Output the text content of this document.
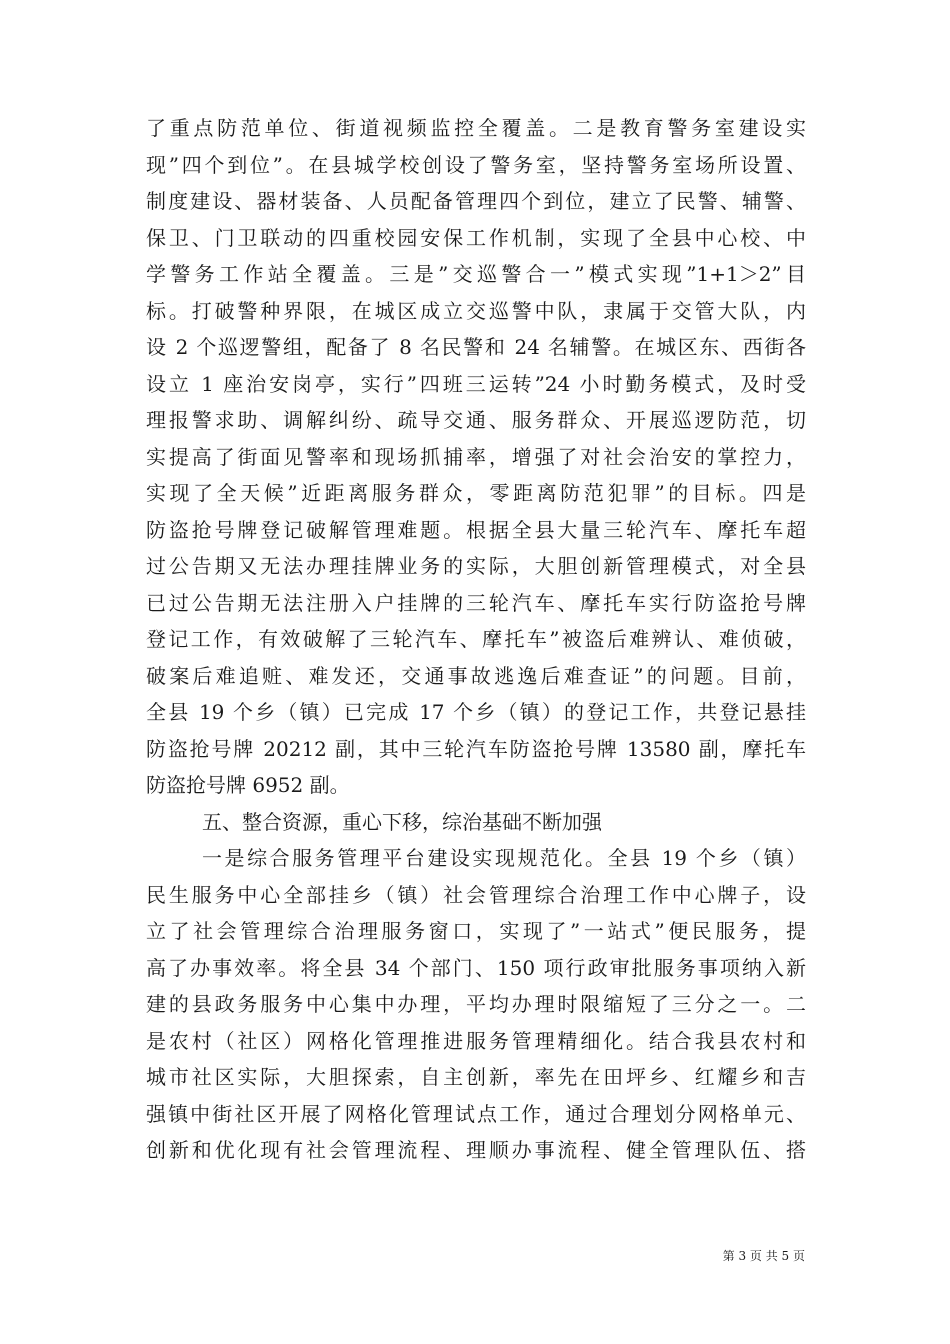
了重点防范单位、街道视频监控全覆盖。二是教育警务室建设实
现”四个到位”。在县城学校创设了警务室，坚持警务室场所设置、
制度建设、器材装备、人员配备管理四个到位，建立了民警、辅警、
保卫、门卫联动的四重校园安保工作机制，实现了全县中心校、中
学警务工作站全覆盖。三是”交巡警合一”模式实现”1+1＞2”目
标。打破警种界限，在城区成立交巡警中队，隶属于交管大队，内
设 2 个巡逻警组，配备了 8 名民警和 24 名辅警。在城区东、西街各
设立 1 座治安岗亭，实行”四班三运转”24 小时勤务模式，及时受
理报警求助、调解纠纷、疏导交通、服务群众、开展巡逻防范，切
实提高了街面见警率和现场抓捕率，增强了对社会治安的掌控力，
实现了全天候”近距离服务群众，零距离防范犯罪”的目标。四是
防盗抢号牌登记破解管理难题。根据全县大量三轮汽车、摩托车超
过公告期又无法办理挂牌业务的实际，大胆创新管理模式，对全县
已过公告期无法注册入户挂牌的三轮汽车、摩托车实行防盗抢号牌
登记工作，有效破解了三轮汽车、摩托车”被盗后难辨认、难侦破，
破案后难追赃、难发还，交通事故逃逸后难查证”的问题。目前，
全县 19 个乡（镇）已完成 17 个乡（镇）的登记工作，共登记悬挂
防盗抢号牌 20212 副，其中三轮汽车防盗抢号牌 13580 副，摩托车
防盗抢号牌 6952 副。
五、整合资源，重心下移，综治基础不断加强
一是综合服务管理平台建设实现规范化。全县 19 个乡（镇）
民生服务中心全部挂乡（镇）社会管理综合治理工作中心牌子，设
立了社会管理综合治理服务窗口，实现了”一站式”便民服务，提
高了办事效率。将全县 34 个部门、150 项行政审批服务事项纳入新
建的县政务服务中心集中办理，平均办理时限缩短了三分之一。二
是农村（社区）网格化管理推进服务管理精细化。结合我县农村和
城市社区实际，大胆探索，自主创新，率先在田坪乡、红耀乡和吉
强镇中街社区开展了网格化管理试点工作，通过合理划分网格单元、
创新和优化现有社会管理流程、理顺办事流程、健全管理队伍、搭
第 3 页 共 5 页
